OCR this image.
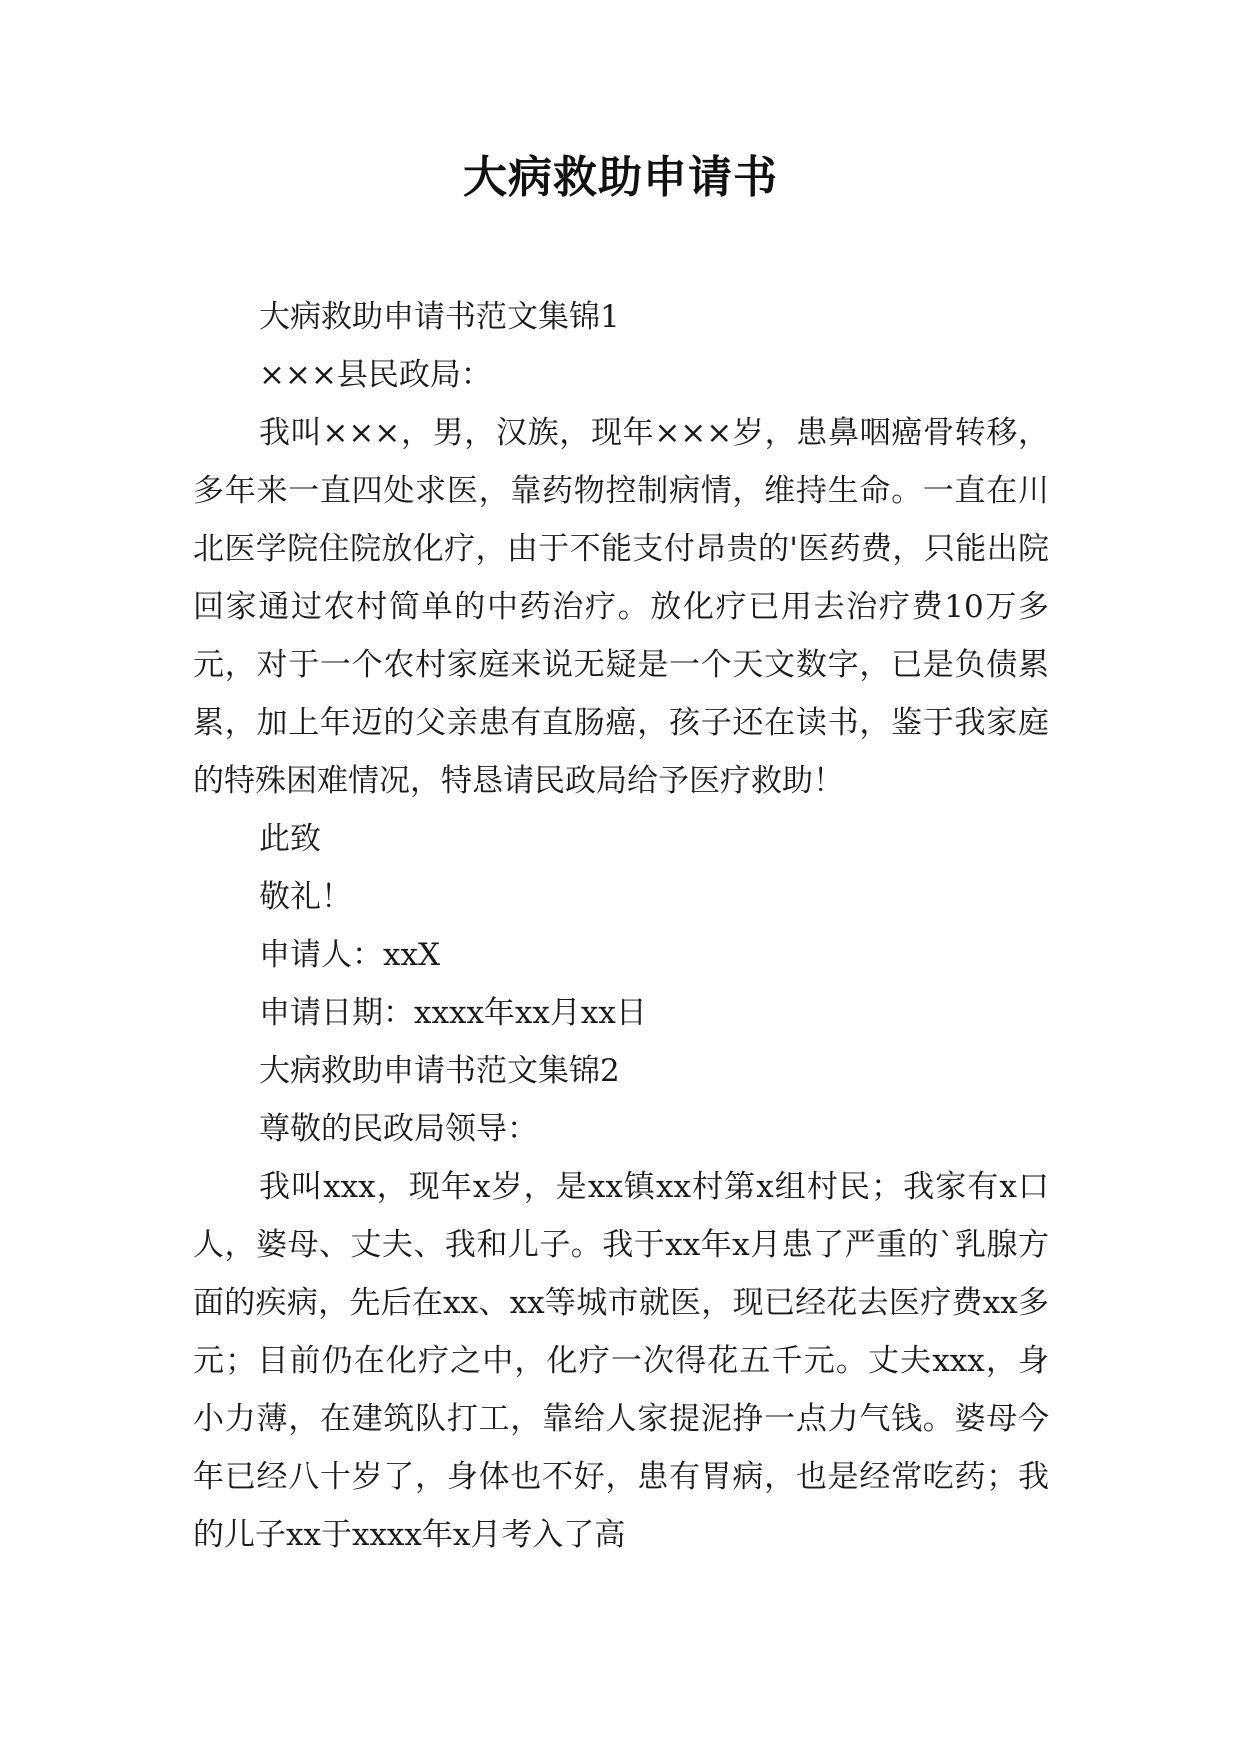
大病救助申请书

大病救助申请书范文集锦1

×××县民政局：

我叫×××，男，汉族，现年×××岁，患鼻咽癌骨转移，多年来一直四处求医，靠药物控制病情，维持生命。一直在川北医学院住院放化疗，由于不能支付昂贵的'医药费，只能出院回家通过农村简单的中药治疗。放化疗已用去治疗费10万多元，对于一个农村家庭来说无疑是一个天文数字，已是负债累累，加上年迈的父亲患有直肠癌，孩子还在读书，鉴于我家庭的特殊困难情况，特恳请民政局给予医疗救助！

此致

敬礼！

申请人：xxX

申请日期：xxxx年xx月xx日

大病救助申请书范文集锦2

尊敬的民政局领导：

我叫xxx，现年x岁，是xx镇xx村第x组村民；我家有x口人，婆母、丈夫、我和儿子。我于xx年x月患了严重的`乳腺方面的疾病，先后在xx、xx等城市就医，现已经花去医疗费xx多元；目前仍在化疗之中，化疗一次得花五千元。丈夫xxx，身小力薄，在建筑队打工，靠给人家提泥挣一点力气钱。婆母今年已经八十岁了，身体也不好，患有胃病，也是经常吃药；我的儿子xx于xxxx年x月考入了高
